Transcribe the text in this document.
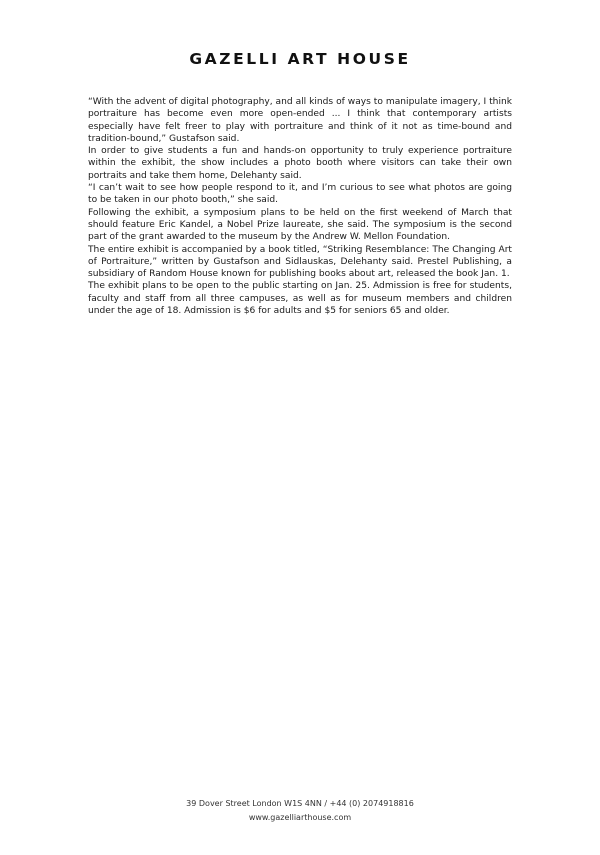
GAZELLI ART HOUSE

“With the advent of digital photography, and all kinds of ways to manipulate imagery, I think portraiture has become even more open-ended ... I think that contemporary artists especially have felt freer to play with portraiture and think of it not as time-bound and tradition-bound,” Gustafson said.

In order to give students a fun and hands-on opportunity to truly experience portraiture within the exhibit, the show includes a photo booth where visitors can take their own portraits and take them home, Delehanty said.

“I can’t wait to see how people respond to it, and I’m curious to see what photos are going to be taken in our photo booth,” she said.

Following the exhibit, a symposium plans to be held on the first weekend of March that should feature Eric Kandel, a Nobel Prize laureate, she said. The symposium is the second part of the grant awarded to the museum by the Andrew W. Mellon Foundation.

The entire exhibit is accompanied by a book titled, “Striking Resemblance: The Changing Art of Portraiture,” written by Gustafson and Sidlauskas, Delehanty said. Prestel Publishing, a subsidiary of Random House known for publishing books about art, released the book Jan. 1.

The exhibit plans to be open to the public starting on Jan. 25. Admission is free for students, faculty and staff from all three campuses, as well as for museum members and children under the age of 18. Admission is $6 for adults and $5 for seniors 65 and older.

39 Dover Street London W1S 4NN / +44 (0) 2074918816
www.gazelliarthouse.com
